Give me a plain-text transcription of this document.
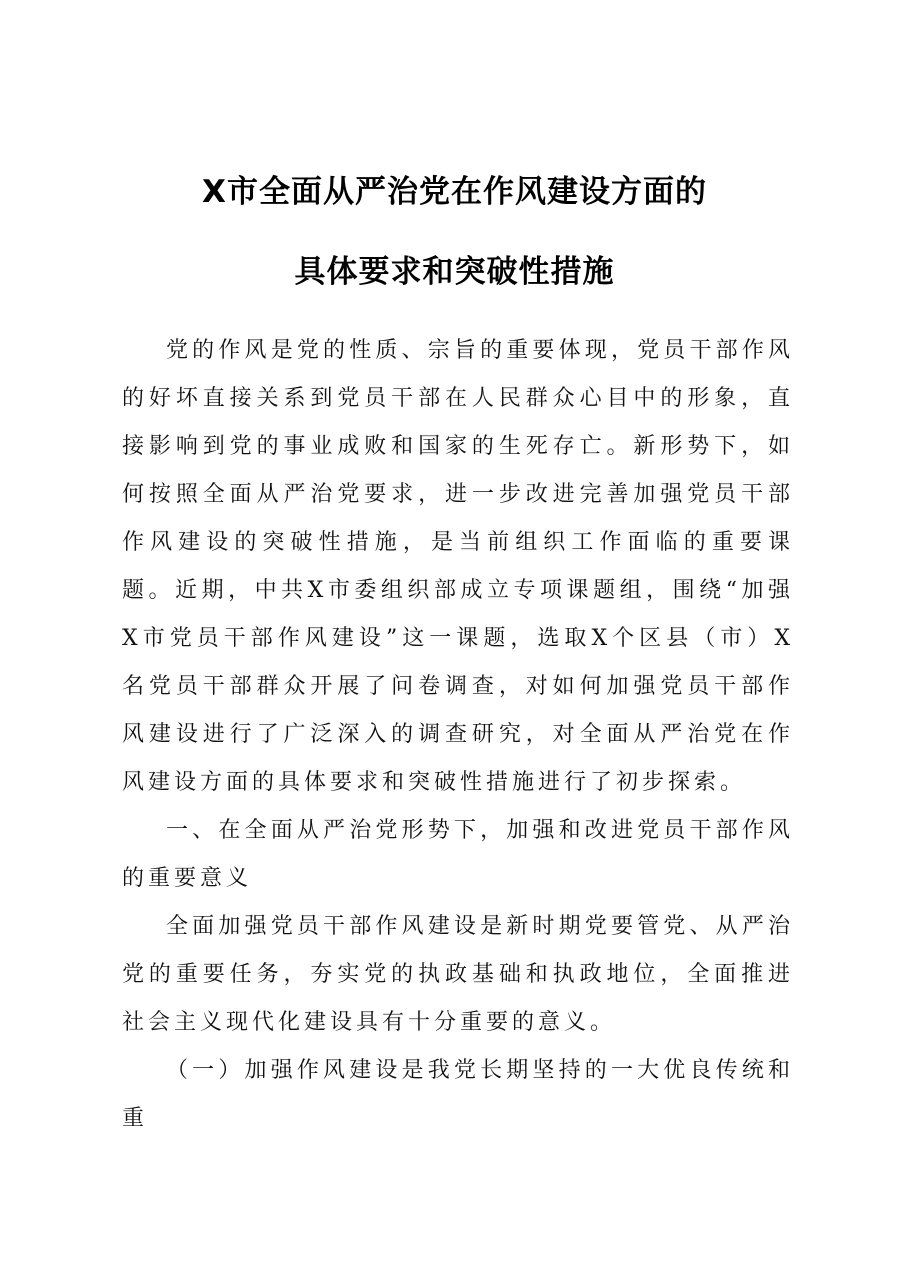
X市全面从严治党在作风建设方面的
具体要求和突破性措施

党的作风是党的性质、宗旨的重要体现，党员干部作风的好坏直接关系到党员干部在人民群众心目中的形象，直接影响到党的事业成败和国家的生死存亡。新形势下，如何按照全面从严治党要求，进一步改进完善加强党员干部作风建设的突破性措施，是当前组织工作面临的重要课题。近期，中共X市委组织部成立专项课题组，围绕“加强X市党员干部作风建设”这一课题，选取X个区县（市）X名党员干部群众开展了问卷调查，对如何加强党员干部作风建设进行了广泛深入的调查研究，对全面从严治党在作风建设方面的具体要求和突破性措施进行了初步探索。

一、在全面从严治党形势下，加强和改进党员干部作风的重要意义

全面加强党员干部作风建设是新时期党要管党、从严治党的重要任务，夯实党的执政基础和执政地位，全面推进社会主义现代化建设具有十分重要的意义。

（一）加强作风建设是我党长期坚持的一大优良传统和重
